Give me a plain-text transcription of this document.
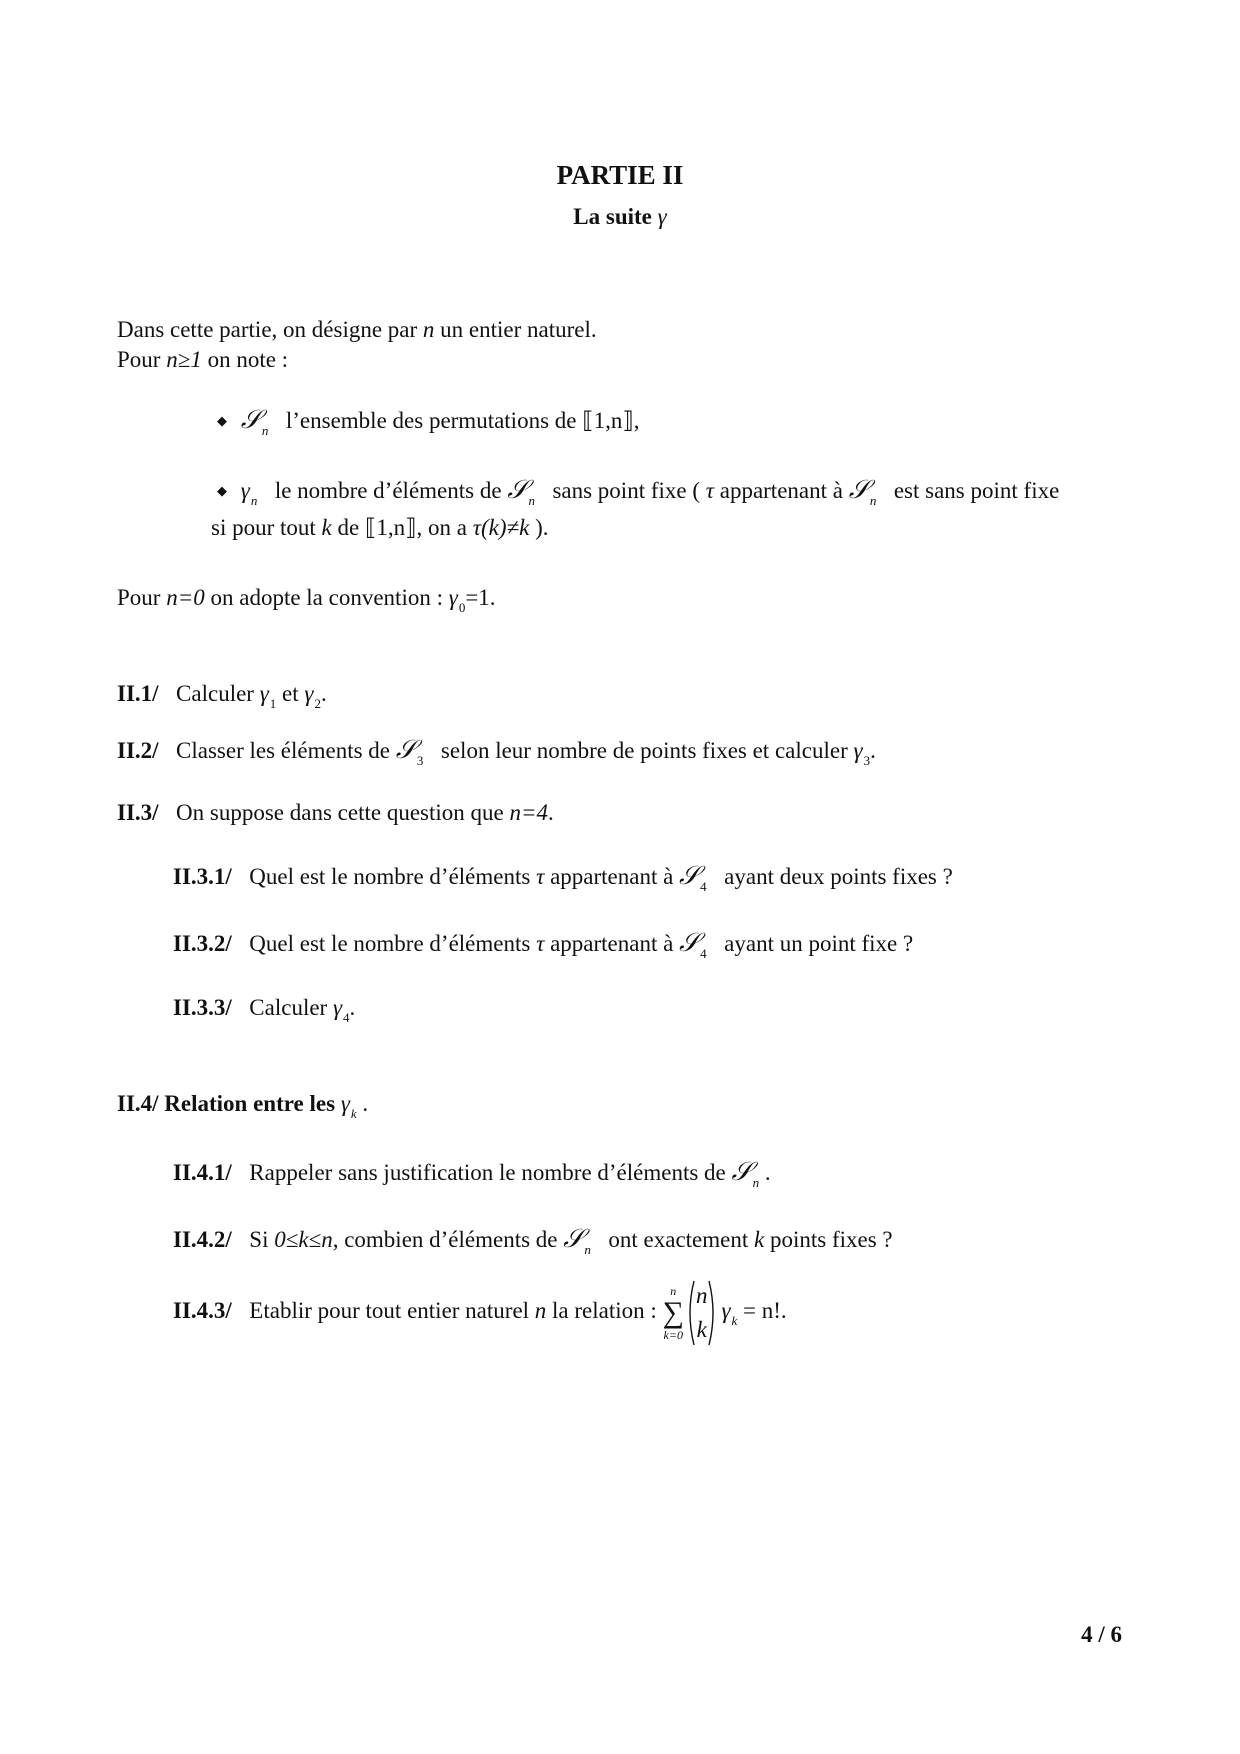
PARTIE II
La suite γ
Dans cette partie, on désigne par n un entier naturel.
Pour n≥1 on note :
◆ 𝒮$_n$ l’ensemble des permutations de ⟦1,n⟧,
◆ $\gamma_n$ le nombre d’éléments de 𝒮$_n$ sans point fixe ( τ appartenant à 𝒮$_n$ est sans point fixe
si pour tout k de ⟦1,n⟧, on a τ(k)≠k ).
Pour n=0 on adopte la convention : $\gamma_0=1$.
II.1/ Calculer $\gamma_1$ et $\gamma_2$.
II.2/ Classer les éléments de 𝒮$_3$ selon leur nombre de points fixes et calculer $\gamma_3$.
II.3/ On suppose dans cette question que n=4.
II.3.1/ Quel est le nombre d’éléments τ appartenant à 𝒮$_4$ ayant deux points fixes ?
II.3.2/ Quel est le nombre d’éléments τ appartenant à 𝒮$_4$ ayant un point fixe ?
II.3.3/ Calculer $\gamma_4$.
II.4/ Relation entre les $\gamma_k$ .
II.4.1/ Rappeler sans justification le nombre d’éléments de 𝒮$_n$ .
II.4.2/ Si 0≤k≤n, combien d’éléments de 𝒮$_n$ ont exactement k points fixes ?
II.4.3/ Etablir pour tout entier naturel n la relation :
n
∑
k=0
n
k
$\gamma_k = n$!.
4 / 6
